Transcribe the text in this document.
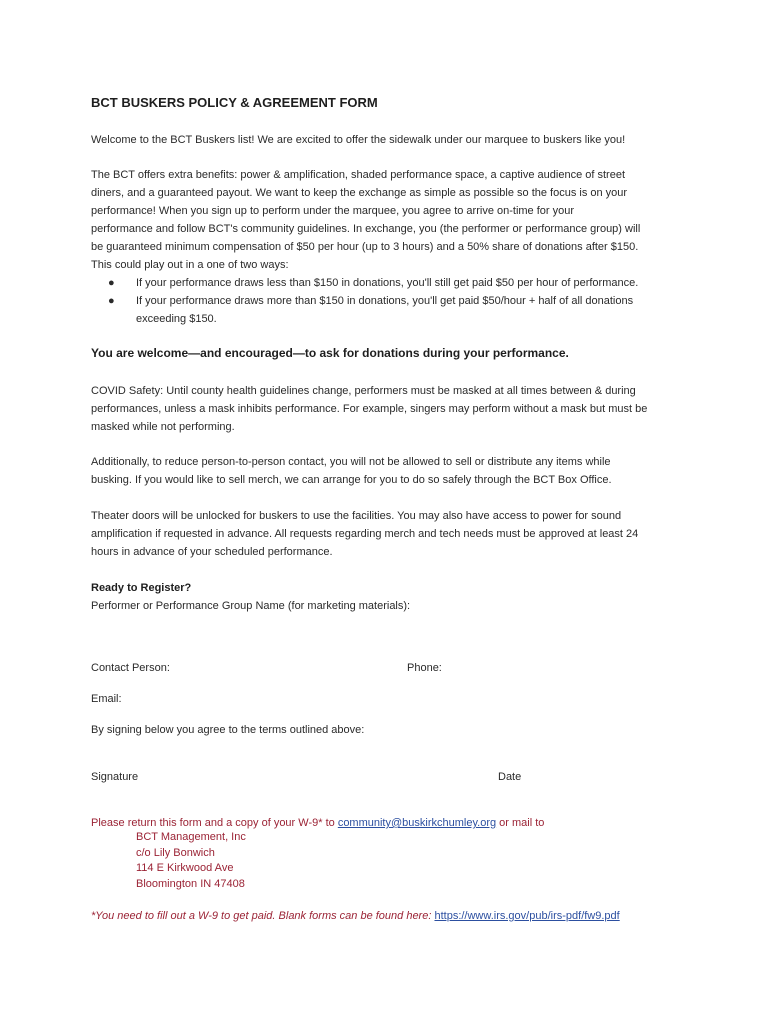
BCT BUSKERS POLICY & AGREEMENT FORM
Welcome to the BCT Buskers list! We are excited to offer the sidewalk under our marquee to buskers like you!
The BCT offers extra benefits: power & amplification, shaded performance space, a captive audience of street
diners, and a guaranteed payout. We want to keep the exchange as simple as possible so the focus is on your
performance! When you sign up to perform under the marquee, you agree to arrive on-time for your
performance and follow BCT's community guidelines. In exchange, you (the performer or performance group) will
be guaranteed minimum compensation of $50 per hour (up to 3 hours) and a 50% share of donations after $150.
This could play out in a one of two ways:
● If your performance draws less than $150 in donations, you'll still get paid $50 per hour of performance.
● If your performance draws more than $150 in donations, you'll get paid $50/hour + half of all donations
exceeding $150.
You are welcome—and encouraged—to ask for donations during your performance.
COVID Safety: Until county health guidelines change, performers must be masked at all times between & during
performances, unless a mask inhibits performance. For example, singers may perform without a mask but must be
masked while not performing.
Additionally, to reduce person-to-person contact, you will not be allowed to sell or distribute any items while
busking. If you would like to sell merch, we can arrange for you to do so safely through the BCT Box Office.
Theater doors will be unlocked for buskers to use the facilities. You may also have access to power for sound
amplification if requested in advance. All requests regarding merch and tech needs must be approved at least 24
hours in advance of your scheduled performance.
Ready to Register?
Performer or Performance Group Name (for marketing materials):
Contact Person:	Phone:
Email:
By signing below you agree to the terms outlined above:
Signature	Date
Please return this form and a copy of your W-9* to community@buskirkchumley.org or mail to
BCT Management, Inc
c/o Lily Bonwich
114 E Kirkwood Ave
Bloomington IN 47408
*You need to fill out a W-9 to get paid. Blank forms can be found here: https://www.irs.gov/pub/irs-pdf/fw9.pdf
